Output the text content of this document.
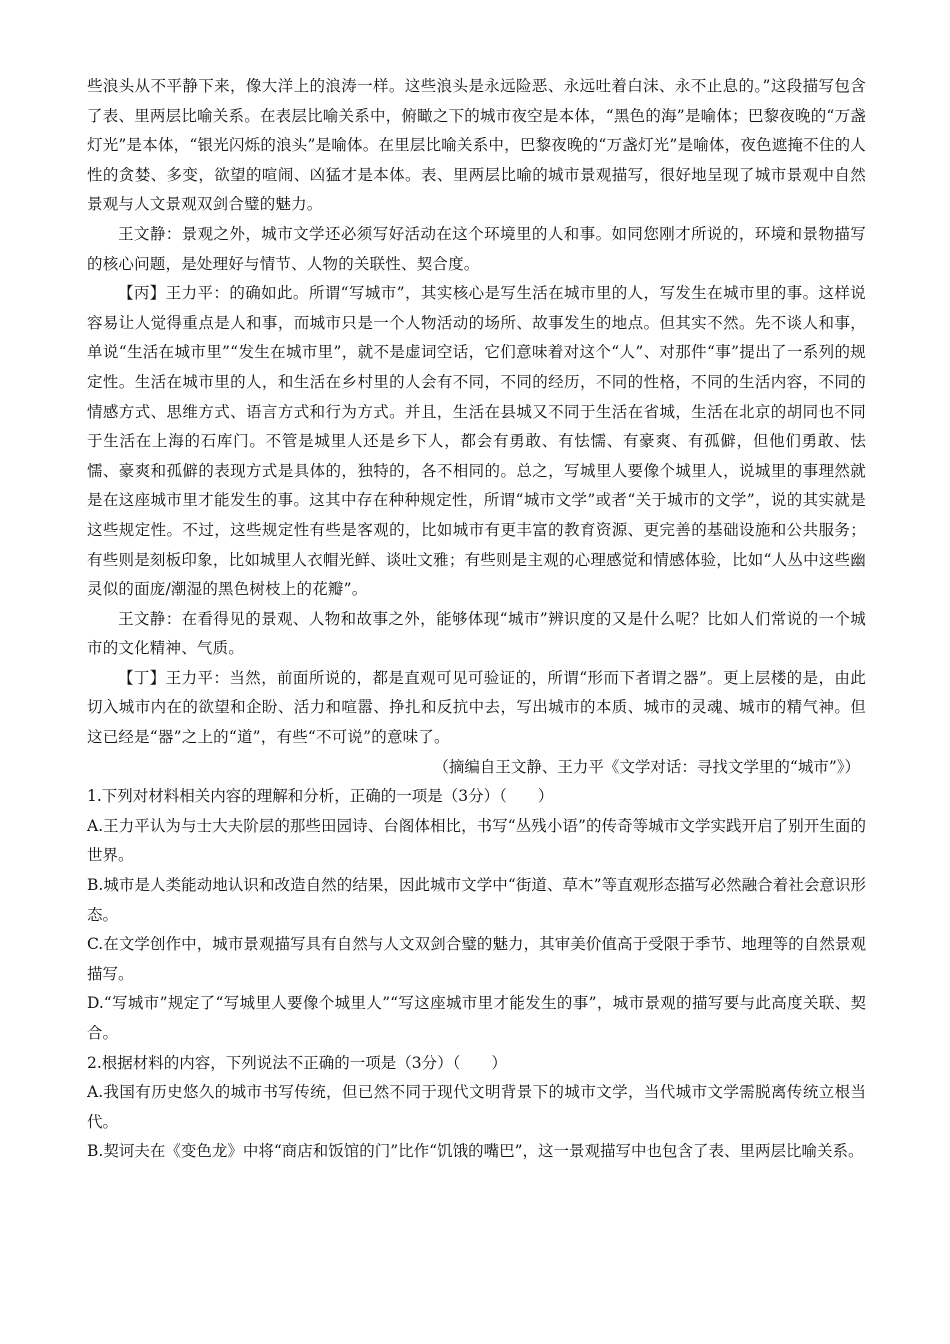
些浪头从不平静下来，像大洋上的浪涛一样。这些浪头是永远险恶、永远吐着白沫、永不止息的。”这段描写包含了表、里两层比喻关系。在表层比喻关系中，俯瞰之下的城市夜空是本体，“黑色的海”是喻体；巴黎夜晚的“万盏灯光”是本体，“银光闪烁的浪头”是喻体。在里层比喻关系中，巴黎夜晚的“万盏灯光”是喻体，夜色遮掩不住的人性的贪婪、多变，欲望的喧闹、凶猛才是本体。表、里两层比喻的城市景观描写，很好地呈现了城市景观中自然景观与人文景观双剑合璧的魅力。

王文静：景观之外，城市文学还必须写好活动在这个环境里的人和事。如同您刚才所说的，环境和景物描写的核心问题，是处理好与情节、人物的关联性、契合度。

【丙】王力平：的确如此。所谓“写城市”，其实核心是写生活在城市里的人，写发生在城市里的事。这样说容易让人觉得重点是人和事，而城市只是一个人物活动的场所、故事发生的地点。但其实不然。先不谈人和事，单说“生活在城市里”“发生在城市里”，就不是虚词空话，它们意味着对这个“人”、对那件“事”提出了一系列的规定性。生活在城市里的人，和生活在乡村里的人会有不同，不同的经历，不同的性格，不同的生活内容，不同的情感方式、思维方式、语言方式和行为方式。并且，生活在县城又不同于生活在省城，生活在北京的胡同也不同于生活在上海的石库门。不管是城里人还是乡下人，都会有勇敢、有怯懦、有豪爽、有孤僻，但他们勇敢、怯懦、豪爽和孤僻的表现方式是具体的，独特的，各不相同的。总之，写城里人要像个城里人，说城里的事理然就是在这座城市里才能发生的事。这其中存在种种规定性，所谓“城市文学”或者“关于城市的文学”，说的其实就是这些规定性。不过，这些规定性有些是客观的，比如城市有更丰富的教育资源、更完善的基础设施和公共服务；有些则是刻板印象，比如城里人衣帽光鲜、谈吐文雅；有些则是主观的心理感觉和情感体验，比如“人丛中这些幽灵似的面庞/潮湿的黑色树枝上的花瓣”。

王文静：在看得见的景观、人物和故事之外，能够体现“城市”辨识度的又是什么呢？比如人们常说的一个城市的文化精神、气质。

【丁】王力平：当然，前面所说的，都是直观可见可验证的，所谓“形而下者谓之器”。更上层楼的是，由此切入城市内在的欲望和企盼、活力和喧嚣、挣扎和反抗中去，写出城市的本质、城市的灵魂、城市的精气神。但这已经是“器”之上的“道”，有些“不可说”的意味了。

（摘编自王文静、王力平《文学对话：寻找文学里的“城市”》）

1.下列对材料相关内容的理解和分析，正确的一项是（3分）（　　）

A.王力平认为与士大夫阶层的那些田园诗、台阁体相比，书写“丛残小语”的传奇等城市文学实践开启了别开生面的世界。

B.城市是人类能动地认识和改造自然的结果，因此城市文学中“街道、草木”等直观形态描写必然融合着社会意识形态。

C.在文学创作中，城市景观描写具有自然与人文双剑合璧的魅力，其审美价值高于受限于季节、地理等的自然景观描写。

D.“写城市”规定了“写城里人要像个城里人”“写这座城市里才能发生的事”，城市景观的描写要与此高度关联、契合。

2.根据材料的内容，下列说法不正确的一项是（3分）（　　）

A.我国有历史悠久的城市书写传统，但已然不同于现代文明背景下的城市文学，当代城市文学需脱离传统立根当代。

B.契诃夫在《变色龙》中将“商店和饭馆的门”比作“饥饿的嘴巴”，这一景观描写中也包含了表、里两层比喻关系。
